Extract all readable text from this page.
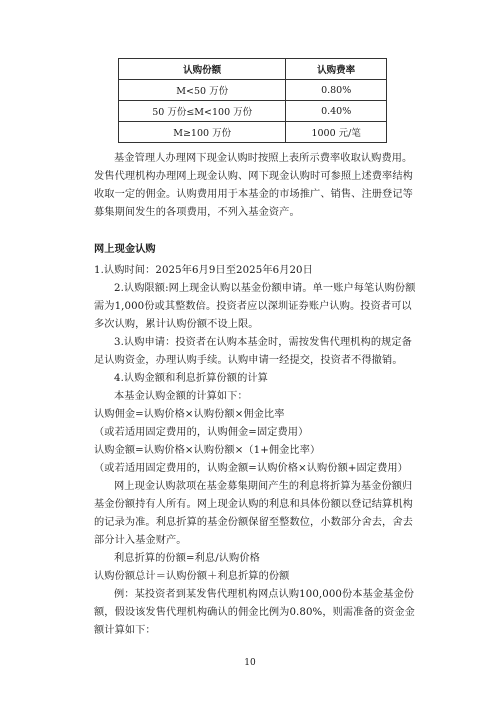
认购份额	认购费率
M<50 万份	0.80%
50 万份≤M<100 万份	0.40%
M≥100 万份	1000 元/笔

基金管理人办理网下现金认购时按照上表所示费率收取认购费用。发售代理机构办理网上现金认购、网下现金认购时可参照上述费率结构收取一定的佣金。认购费用用于本基金的市场推广、销售、注册登记等募集期间发生的各项费用，不列入基金资产。

网上现金认购

1.认购时间：2025年6月9日至2025年6月20日

2.认购限额:网上现金认购以基金份额申请。单一账户每笔认购份额需为1,000份或其整数倍。投资者应以深圳证券账户认购。投资者可以多次认购，累计认购份额不设上限。

3.认购申请：投资者在认购本基金时，需按发售代理机构的规定备足认购资金，办理认购手续。认购申请一经提交，投资者不得撤销。

4.认购金额和利息折算份额的计算

本基金认购金额的计算如下：

认购佣金=认购价格×认购份额×佣金比率

（或若适用固定费用的，认购佣金=固定费用）

认购金额=认购价格×认购份额×（1+佣金比率）

（或若适用固定费用的，认购金额=认购价格×认购份额+固定费用）

网上现金认购款项在基金募集期间产生的利息将折算为基金份额归基金份额持有人所有。网上现金认购的利息和具体份额以登记结算机构的记录为准。利息折算的基金份额保留至整数位，小数部分舍去，舍去部分计入基金财产。

利息折算的份额=利息/认购价格

认购份额总计＝认购份额＋利息折算的份额

例：某投资者到某发售代理机构网点认购100,000份本基金基金份额，假设该发售代理机构确认的佣金比例为0.80%，则需准备的资金金额计算如下：

10
